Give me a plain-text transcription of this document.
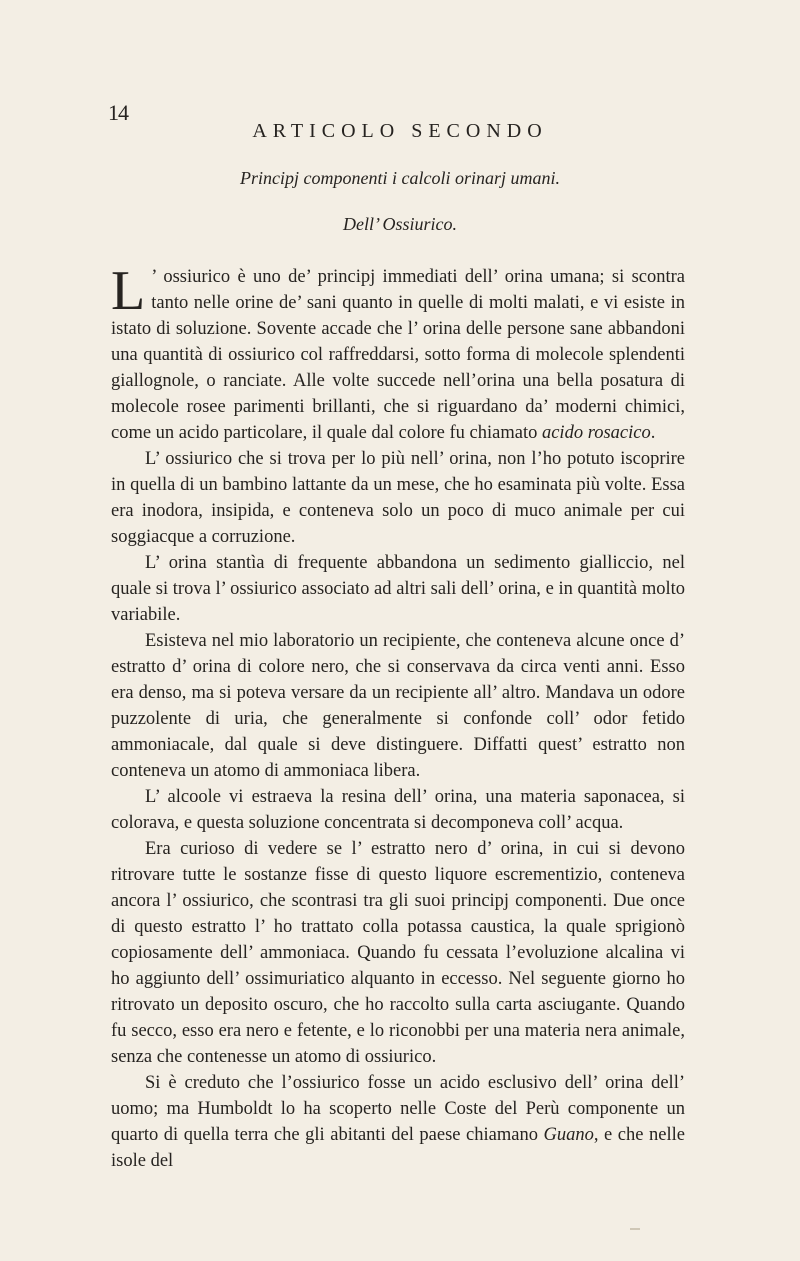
14
ARTICOLO SECONDO
Principj componenti i calcoli orinarj umani.
Dell’ Ossiurico.

L ’ ossiurico è uno de’ principj immediati dell’ orina umana; si scontra tanto nelle orine de’ sani quanto in quelle di molti malati, e vi esiste in istato di soluzione. Sovente accade che l’ orina delle persone sane abbandoni una quantità di ossiurico col raffreddarsi, sotto forma di molecole splendenti giallognole, o ranciate. Alle volte succede nell’orina una bella posatura di molecole rosee parimenti brillanti, che si riguardano da’ moderni chimici, come un acido particolare, il quale dal colore fu chiamato acido rosacico.

L’ ossiurico che si trova per lo più nell’ orina, non l’ho potuto iscoprire in quella di un bambino lattante da un mese, che ho esaminata più volte. Essa era inodora, insipida, e conteneva solo un poco di muco animale per cui soggiacque a corruzione.

L’ orina stantìa di frequente abbandona un sedimento gialliccio, nel quale si trova l’ ossiurico associato ad altri sali dell’ orina, e in quantità molto variabile.

Esisteva nel mio laboratorio un recipiente, che conteneva alcune once d’ estratto d’ orina di colore nero, che si conservava da circa venti anni. Esso era denso, ma si poteva versare da un recipiente all’ altro. Mandava un odore puzzolente di uria, che generalmente si confonde coll’ odor fetido ammoniacale, dal quale si deve distinguere. Diffatti quest’ estratto non conteneva un atomo di ammoniaca libera.

L’ alcoole vi estraeva la resina dell’ orina, una materia saponacea, si colorava, e questa soluzione concentrata si decomponeva coll’ acqua.

Era curioso di vedere se l’ estratto nero d’ orina, in cui si devono ritrovare tutte le sostanze fisse di questo liquore escrementizio, conteneva ancora l’ ossiurico, che scontrasi tra gli suoi principj componenti. Due once di questo estratto l’ ho trattato colla potassa caustica, la quale sprigionò copiosamente dell’ ammoniaca. Quando fu cessata l’evoluzione alcalina vi ho aggiunto dell’ ossimuriatico alquanto in eccesso. Nel seguente giorno ho ritrovato un deposito oscuro, che ho raccolto sulla carta asciugante. Quando fu secco, esso era nero e fetente, e lo riconobbi per una materia nera animale, senza che contenesse un atomo di ossiurico.

Si è creduto che l’ossiurico fosse un acido esclusivo dell’ orina dell’ uomo; ma Humboldt lo ha scoperto nelle Coste del Perù componente un quarto di quella terra che gli abitanti del paese chiamano Guano, e che nelle isole del
